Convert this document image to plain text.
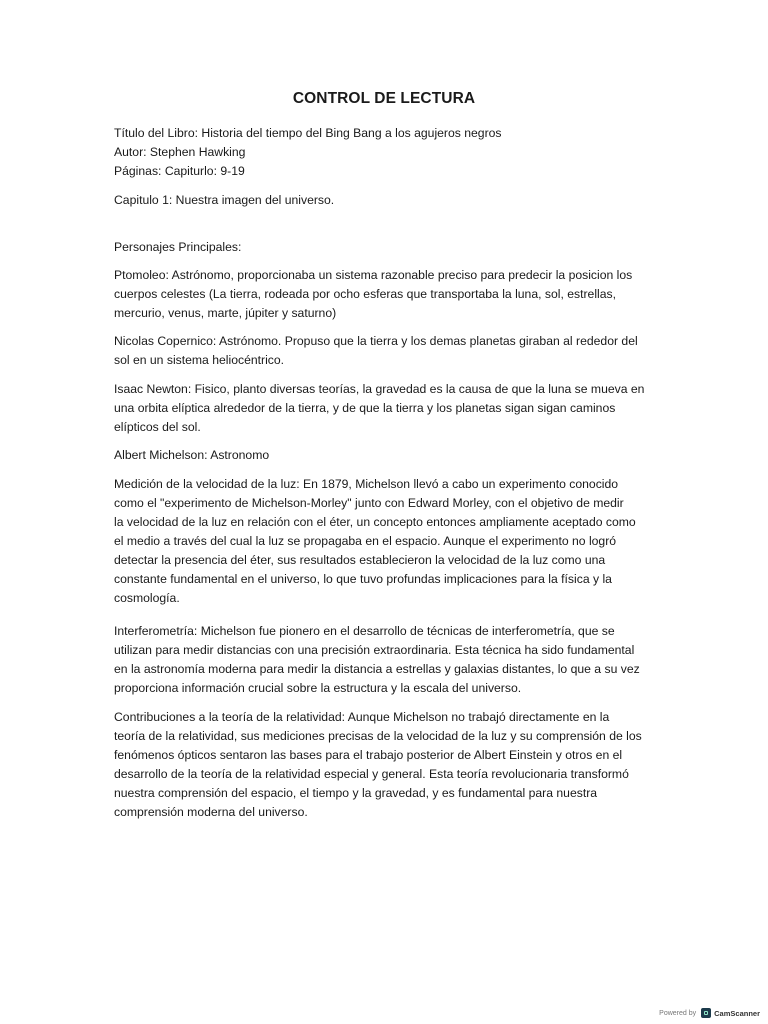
CONTROL DE LECTURA
Título del Libro: Historia del tiempo del Bing Bang a los agujeros negros
Autor: Stephen Hawking
Páginas: Capiturlo: 9-19
Capitulo 1: Nuestra imagen del universo.
Personajes Principales:
Ptomoleo: Astrónomo, proporcionaba un sistema razonable preciso para predecir la posicion los
cuerpos celestes (La tierra, rodeada por ocho esferas que transportaba la luna, sol, estrellas,
mercurio, venus, marte, júpiter y saturno)
Nicolas Copernico: Astrónomo. Propuso que la tierra y los demas planetas giraban al rededor del
sol en un sistema heliocéntrico.
Isaac Newton: Fisico, planto diversas teorías, la gravedad es la causa de que la luna se mueva en
una orbita elíptica alrededor de la tierra, y de que la tierra y los planetas sigan sigan caminos
elípticos del sol.
Albert Michelson: Astronomo
Medición de la velocidad de la luz: En 1879, Michelson llevó a cabo un experimento conocido
como el "experimento de Michelson-Morley" junto con Edward Morley, con el objetivo de medir
la velocidad de la luz en relación con el éter, un concepto entonces ampliamente aceptado como
el medio a través del cual la luz se propagaba en el espacio. Aunque el experimento no logró
detectar la presencia del éter, sus resultados establecieron la velocidad de la luz como una
constante fundamental en el universo, lo que tuvo profundas implicaciones para la física y la
cosmología.
Interferometría: Michelson fue pionero en el desarrollo de técnicas de interferometría, que se
utilizan para medir distancias con una precisión extraordinaria. Esta técnica ha sido fundamental
en la astronomía moderna para medir la distancia a estrellas y galaxias distantes, lo que a su vez
proporciona información crucial sobre la estructura y la escala del universo.
Contribuciones a la teoría de la relatividad: Aunque Michelson no trabajó directamente en la
teoría de la relatividad, sus mediciones precisas de la velocidad de la luz y su comprensión de los
fenómenos ópticos sentaron las bases para el trabajo posterior de Albert Einstein y otros en el
desarrollo de la teoría de la relatividad especial y general. Esta teoría revolucionaria transformó
nuestra comprensión del espacio, el tiempo y la gravedad, y es fundamental para nuestra
comprensión moderna del universo.
Powered by CamScanner
